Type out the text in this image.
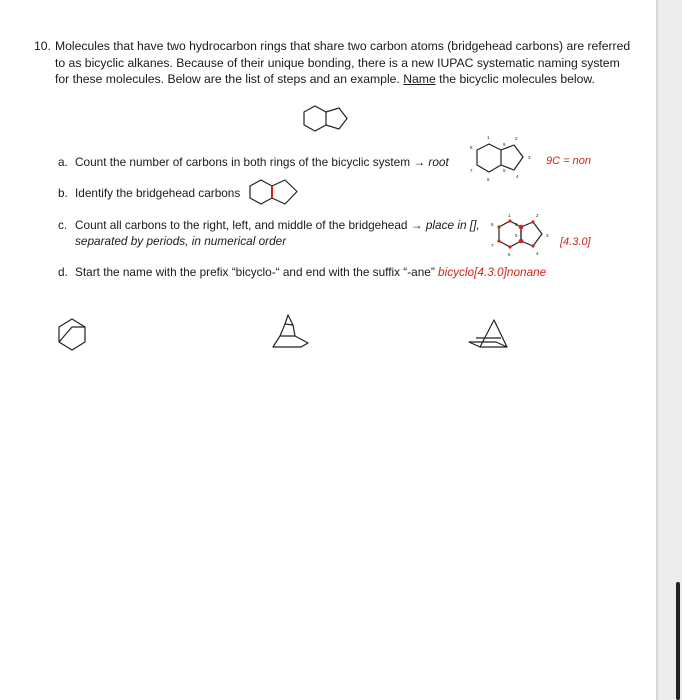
10. Molecules that have two hydrocarbon rings that share two carbon atoms (bridgehead carbons) are referred to as bicyclic alkanes. Because of their unique bonding, there is a new IUPAC systematic naming system for these molecules. Below are the list of steps and an example. Name the bicyclic molecules below.
a. Count the number of carbons in both rings of the bicyclic system → root
1	2
3
4
5
6
7
8
9
9C = non
b. Identify the bridgehead carbons
c. Count all carbons to the right, left, and middle of the bridgehead → place in [],
separated by periods, in numerical order
1	2
3
4
5
6
7
8	9
[4.3.0]
d. Start the name with the prefix “bicyclo-“ and end with the suffix “-ane” bicyclo[4.3.0]nonane
